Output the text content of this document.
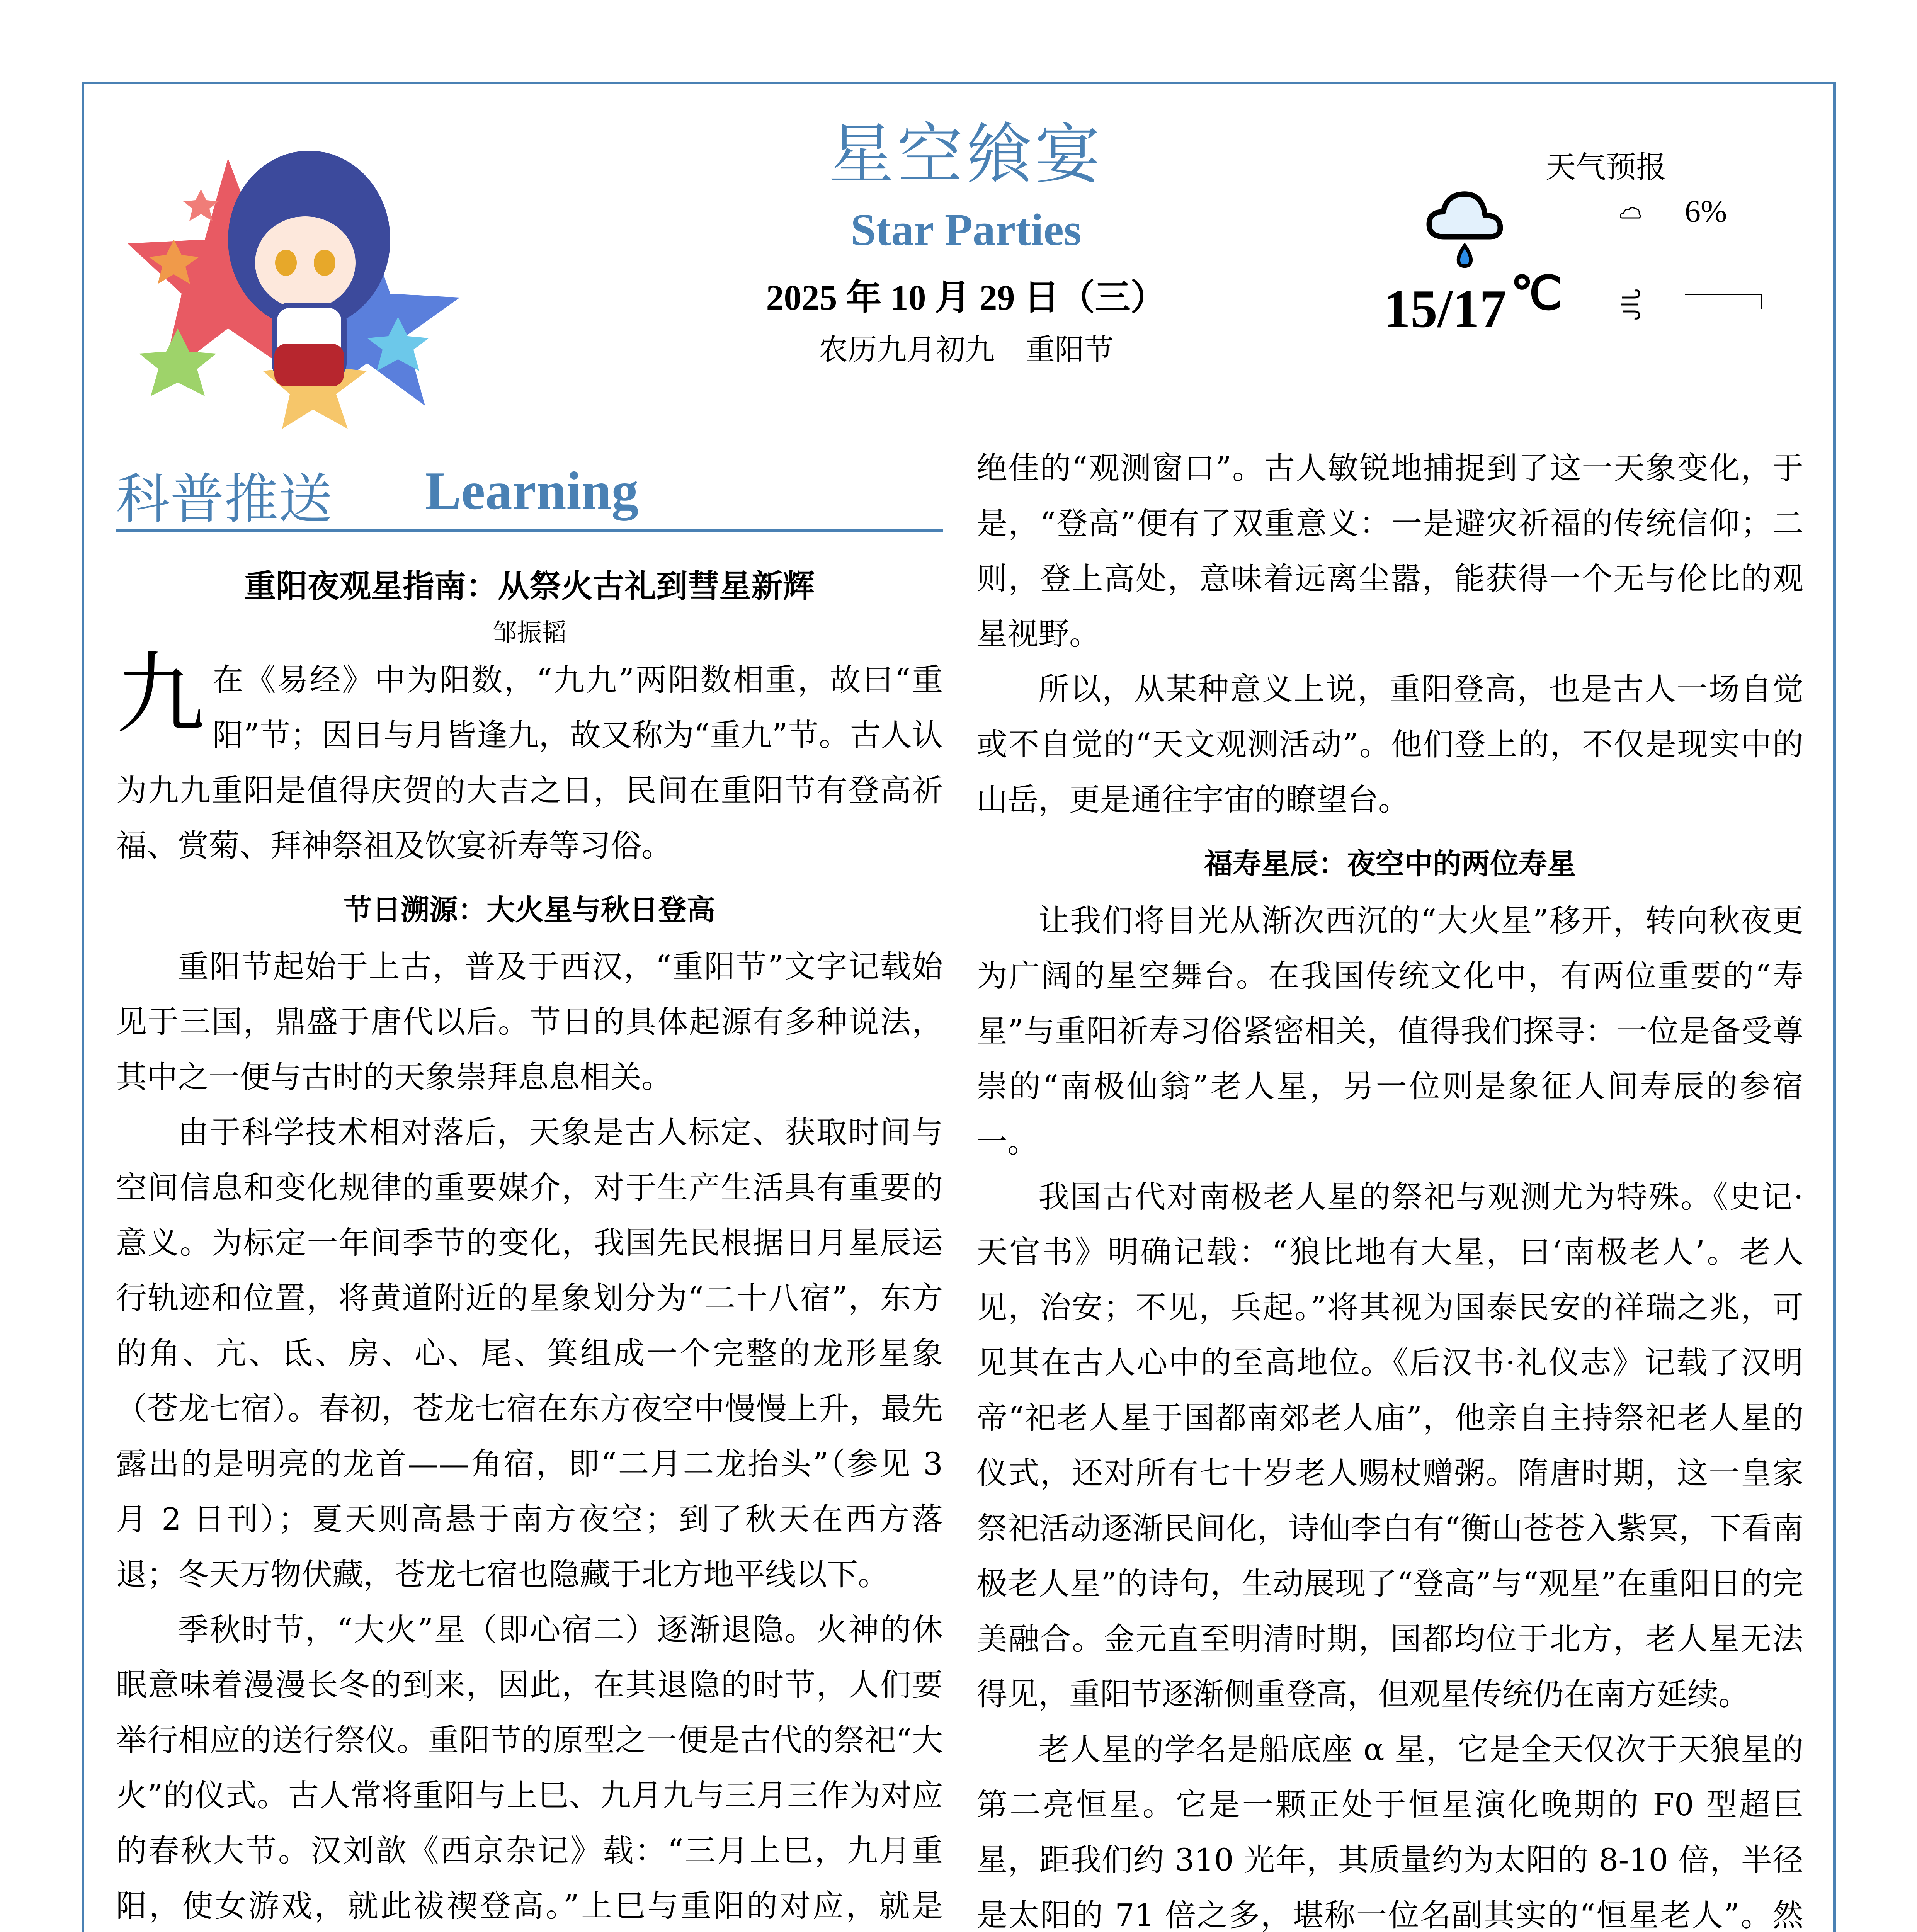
星空飨宴
Star Parties
2025 年 10 月 29 日（三）
农历九月初九 重阳节
天气预报
15/17℃
6%
科普推送 Learning
重阳夜观星指南：从祭火古礼到彗星新辉
邹振韬

九在《易经》中为阳数，“九九”两阳数相重，故曰“重阳”节；因日与月皆逢九，故又称为“重九”节。古人认为九九重阳是值得庆贺的大吉之日，民间在重阳节有登高祈福、赏菊、拜神祭祖及饮宴祈寿等习俗。

节日溯源：大火星与秋日登高

重阳节起始于上古，普及于西汉，“重阳节”文字记载始见于三国，鼎盛于唐代以后。节日的具体起源有多种说法，其中之一便与古时的天象崇拜息息相关。

由于科学技术相对落后，天象是古人标定、获取时间与空间信息和变化规律的重要媒介，对于生产生活具有重要的意义。为标定一年间季节的变化，我国先民根据日月星辰运行轨迹和位置，将黄道附近的星象划分为“二十八宿”，东方的角、亢、氐、房、心、尾、箕组成一个完整的龙形星象（苍龙七宿）。春初，苍龙七宿在东方夜空中慢慢上升，最先露出的是明亮的龙首——角宿，即“二月二龙抬头”（参见 3 月 2 日刊）；夏天则高悬于南方夜空；到了秋天在西方落退；冬天万物伏藏，苍龙七宿也隐藏于北方地平线以下。

季秋时节，“大火”星（即心宿二）逐渐退隐。火神的休眠意味着漫漫长冬的到来，因此，在其退隐的时节，人们要举行相应的送行祭仪。重阳节的原型之一便是古代的祭祀“大火”的仪式。古人常将重阳与上巳、九月九与三月三作为对应的春秋大节。汉刘歆《西京杂记》载：“三月上巳，九月重阳，使女游戏，就此祓禊登高。”上巳与重阳的对应，就是

绝佳的“观测窗口”。古人敏锐地捕捉到了这一天象变化，于是，“登高”便有了双重意义：一是避灾祈福的传统信仰；二则，登上高处，意味着远离尘嚣，能获得一个无与伦比的观星视野。

所以，从某种意义上说，重阳登高，也是古人一场自觉或不自觉的“天文观测活动”。他们登上的，不仅是现实中的山岳，更是通往宇宙的瞭望台。

福寿星辰：夜空中的两位寿星

让我们将目光从渐次西沉的“大火星”移开，转向秋夜更为广阔的星空舞台。在我国传统文化中，有两位重要的“寿星”与重阳祈寿习俗紧密相关，值得我们探寻：一位是备受尊崇的“南极仙翁”老人星，另一位则是象征人间寿辰的参宿一。

我国古代对南极老人星的祭祀与观测尤为特殊。《史记·天官书》明确记载：“狼比地有大星，曰‘南极老人’。老人见，治安；不见，兵起。”将其视为国泰民安的祥瑞之兆，可见其在古人心中的至高地位。《后汉书·礼仪志》记载了汉明帝“祀老人星于国都南郊老人庙”，他亲自主持祭祀老人星的仪式，还对所有七十岁老人赐杖赠粥。隋唐时期，这一皇家祭祀活动逐渐民间化，诗仙李白有“衡山苍苍入紫冥，下看南极老人星”的诗句，生动展现了“登高”与“观星”在重阳日的完美融合。金元直至明清时期，国都均位于北方，老人星无法得见，重阳节逐渐侧重登高，但观星传统仍在南方延续。

老人星的学名是船底座 α 星，它是全天仅次于天狼星的第二亮恒星。它是一颗正处于恒星演化晚期的 F0 型超巨星，距我们约 310 光年，其质量约为太阳的 8-10 倍，半径是太阳的 71 倍之多，堪称一位名副其实的“恒星老人”。然
